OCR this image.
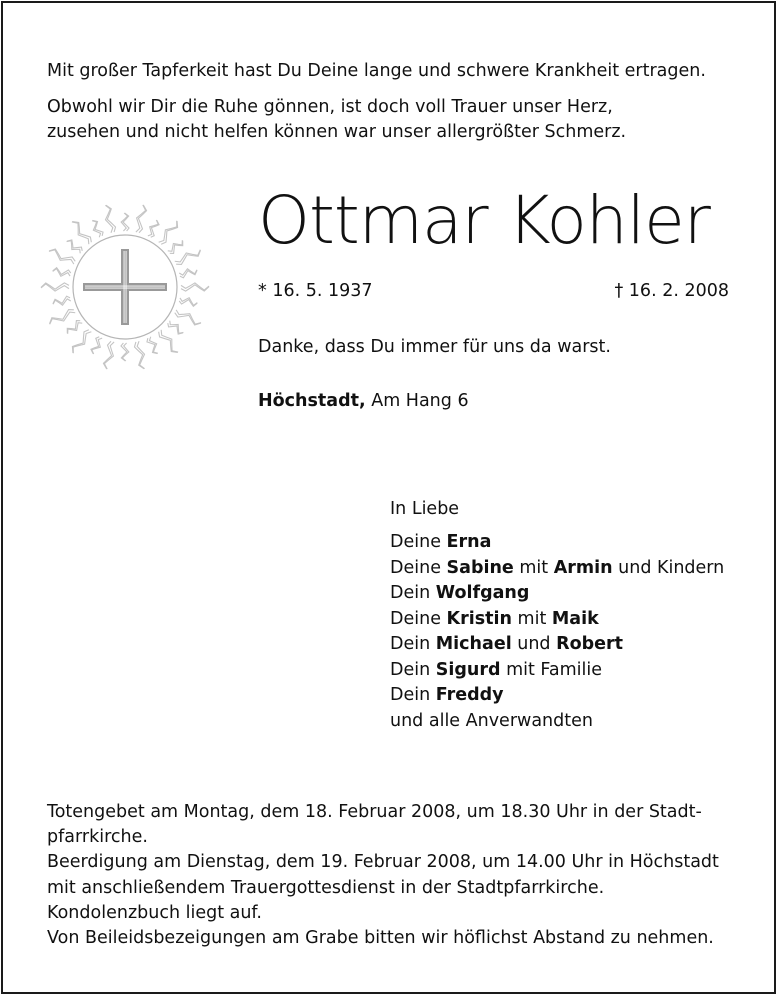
Mit großer Tapferkeit hast Du Deine lange und schwere Krankheit ertragen.
Obwohl wir Dir die Ruhe gönnen, ist doch voll Trauer unser Herz,
zusehen und nicht helfen können war unser allergrößter Schmerz.
Ottmar Kohler
* 16. 5. 1937	† 16. 2. 2008
Danke, dass Du immer für uns da warst.
Höchstadt, Am Hang 6
In Liebe
Deine Erna
Deine Sabine mit Armin und Kindern
Dein Wolfgang
Deine Kristin mit Maik
Dein Michael und Robert
Dein Sigurd mit Familie
Dein Freddy
und alle Anverwandten
Totengebet am Montag, dem 18. Februar 2008, um 18.30 Uhr in der Stadt-
pfarrkirche.
Beerdigung am Dienstag, dem 19. Februar 2008, um 14.00 Uhr in Höchstadt
mit anschließendem Trauergottesdienst in der Stadtpfarrkirche.
Kondolenzbuch liegt auf.
Von Beileidsbezeigungen am Grabe bitten wir höflichst Abstand zu nehmen.
